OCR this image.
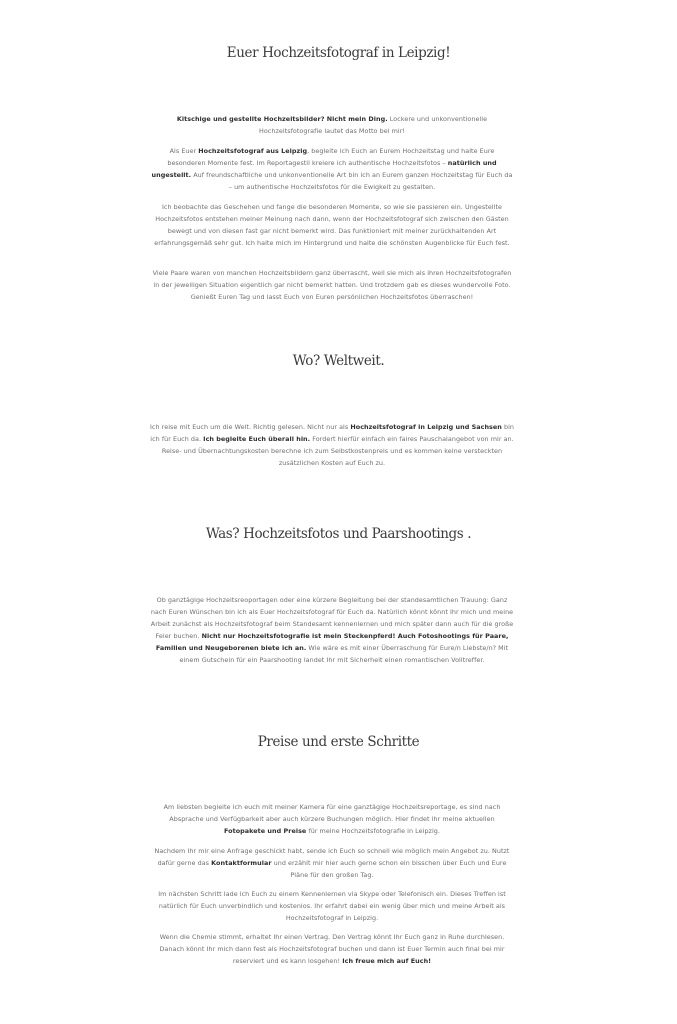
Euer Hochzeitsfotograf in Leipzig!

Kitschige und gestellte Hochzeitsbilder? Nicht mein Ding. Lockere und unkonventionelle Hochzeitsfotografie lautet das Motto bei mir!

Als Euer Hochzeitsfotograf aus Leipzig, begleite ich Euch an Eurem Hochzeitstag und halte Eure besonderen Momente fest. Im Reportagestil kreiere ich authentische Hochzeitsfotos – natürlich und ungestellt. Auf freundschaftliche und unkonventionelle Art bin ich an Eurem ganzen Hochzeitstag für Euch da – um authentische Hochzeitsfotos für die Ewigkeit zu gestalten.

Ich beobachte das Geschehen und fange die besonderen Momente, so wie sie passieren ein. Ungestellte Hochzeitsfotos entstehen meiner Meinung nach dann, wenn der Hochzeitsfotograf sich zwischen den Gästen bewegt und von diesen fast gar nicht bemerkt wird. Das funktioniert mit meiner zurückhaltenden Art erfahrungsgemäß sehr gut. Ich halte mich im Hintergrund und halte die schönsten Augenblicke für Euch fest.

Viele Paare waren von manchen Hochzeitsbildern ganz überrascht, weil sie mich als ihren Hochzeitsfotografen in der jeweiligen Situation eigentlich gar nicht bemerkt hatten. Und trotzdem gab es dieses wundervolle Foto. Genießt Euren Tag und lasst Euch von Euren persönlichen Hochzeitsfotos überraschen!

Wo? Weltweit.

Ich reise mit Euch um die Welt. Richtig gelesen. Nicht nur als Hochzeitsfotograf in Leipzig und Sachsen bin ich für Euch da. Ich begleite Euch überall hin. Fordert hierfür einfach ein faires Pauschalangebot von mir an. Reise- und Übernachtungskosten berechne ich zum Selbstkostenpreis und es kommen keine versteckten zusätzlichen Kosten auf Euch zu.

Was? Hochzeitsfotos und Paarshootings .

Ob ganztägige Hochzeitsreoportagen oder eine kürzere Begleitung bei der standesamtlichen Trauung: Ganz nach Euren Wünschen bin ich als Euer Hochzeitsfotograf für Euch da. Natürlich könnt könnt Ihr mich und meine Arbeit zunächst als Hochzeitsfotograf beim Standesamt kennenlernen und mich später dann auch für die große Feier buchen. Nicht nur Hochzeitsfotografie ist mein Steckenpferd! Auch Fotoshootings für Paare, Familien und Neugeborenen biete ich an. Wie wäre es mit einer Überraschung für Eure/n Liebste/n? Mit einem Gutschein für ein Paarshooting landet Ihr mit Sicherheit einen romantischen Volltreffer.

Preise und erste Schritte

Am liebsten begleite ich euch mit meiner Kamera für eine ganztägige Hochzeitsreportage, es sind nach Absprache und Verfügbarkeit aber auch kürzere Buchungen möglich. Hier findet ihr meine aktuellen Fotopakete und Preise für meine Hochzeitsfotografie in Leipzig.

Nachdem Ihr mir eine Anfrage geschickt habt, sende ich Euch so schnell wie möglich mein Angebot zu. Nutzt dafür gerne das Kontaktformular und erzählt mir hier auch gerne schon ein bisschen über Euch und Eure Pläne für den großen Tag.

Im nächsten Schritt lade ich Euch zu einem Kennenlernen via Skype oder Telefonisch ein. Dieses Treffen ist natürlich für Euch unverbindlich und kostenlos. Ihr erfahrt dabei ein wenig über mich und meine Arbeit als Hochzeitsfotograf in Leipzig.

Wenn die Chemie stimmt, erhaltet Ihr einen Vertrag. Den Vertrag könnt Ihr Euch ganz in Ruhe durchlesen. Danach könnt Ihr mich dann fest als Hochzeitsfotograf buchen und dann ist Euer Termin auch final bei mir reserviert und es kann losgehen! Ich freue mich auf Euch!
